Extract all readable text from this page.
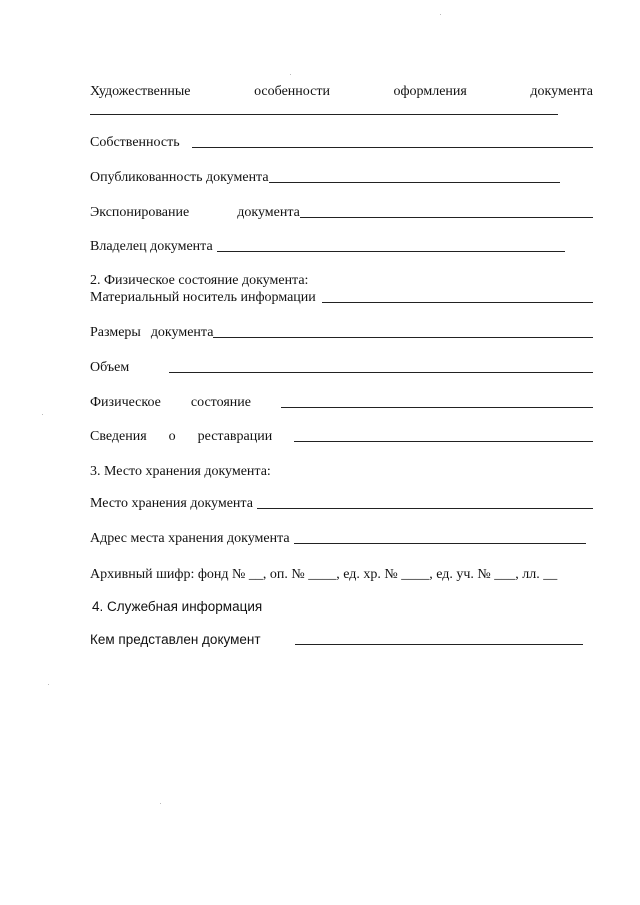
Художественные	особенности	оформления	документа
Собственность
Опубликованность документа
Экспонирование	документа
Владелец документа
2. Физическое состояние документа:
Материальный носитель информации
Размеры документа
Объем
Физическое состояние
Сведения о реставрации
3. Место хранения документа:
Место хранения документа
Адрес места хранения документа
Архивный шифр: фонд № __, оп. № ____, ед. хр. № ____, ед. уч. № ___, лл. __
4. Служебная информация
Кем представлен документ
